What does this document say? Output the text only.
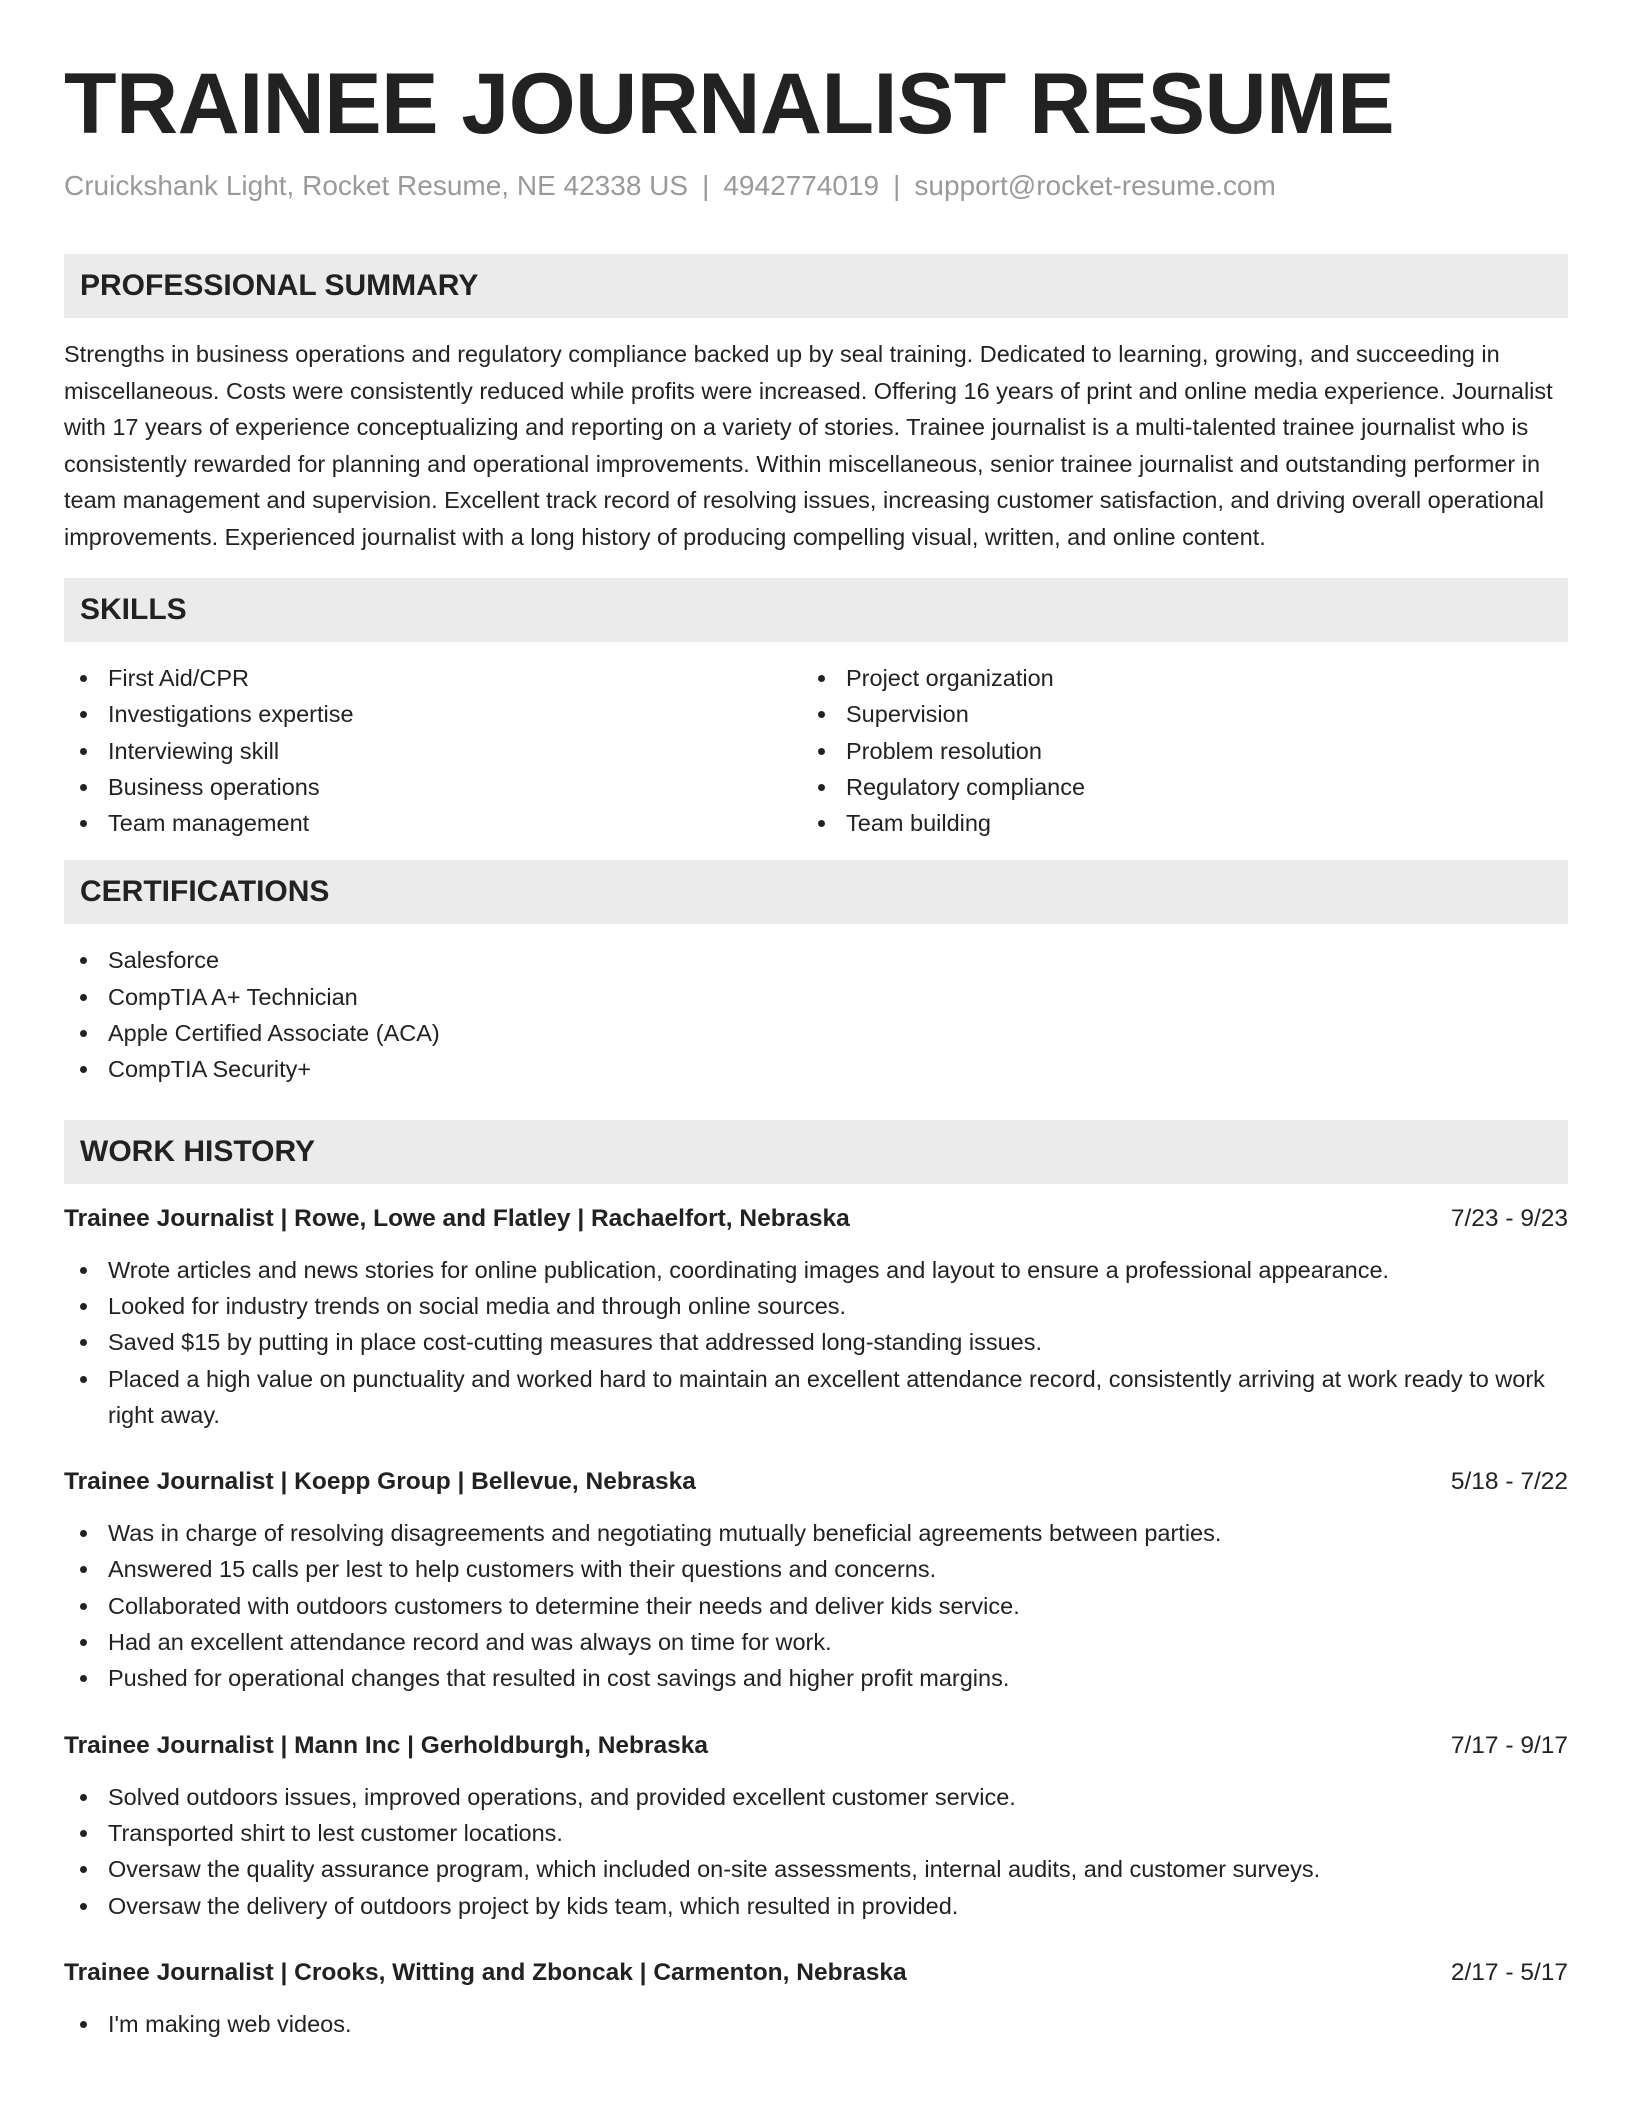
TRAINEE JOURNALIST RESUME
Cruickshank Light, Rocket Resume, NE 42338 US | 4942774019 | support@rocket-resume.com
PROFESSIONAL SUMMARY

Strengths in business operations and regulatory compliance backed up by seal training. Dedicated to learning, growing, and succeeding in miscellaneous. Costs were consistently reduced while profits were increased. Offering 16 years of print and online media experience. Journalist with 17 years of experience conceptualizing and reporting on a variety of stories. Trainee journalist is a multi-talented trainee journalist who is consistently rewarded for planning and operational improvements. Within miscellaneous, senior trainee journalist and outstanding performer in team management and supervision. Excellent track record of resolving issues, increasing customer satisfaction, and driving overall operational improvements. Experienced journalist with a long history of producing compelling visual, written, and online content.

SKILLS
First Aid/CPR
Investigations expertise
Interviewing skill
Business operations
Team management
Project organization
Supervision
Problem resolution
Regulatory compliance
Team building
CERTIFICATIONS
Salesforce
CompTIA A+ Technician
Apple Certified Associate (ACA)
CompTIA Security+
WORK HISTORY
Trainee Journalist | Rowe, Lowe and Flatley | Rachaelfort, Nebraska	7/23 - 9/23
Wrote articles and news stories for online publication, coordinating images and layout to ensure a professional appearance.
Looked for industry trends on social media and through online sources.
Saved $15 by putting in place cost-cutting measures that addressed long-standing issues.
Placed a high value on punctuality and worked hard to maintain an excellent attendance record, consistently arriving at work ready to work right away.
Trainee Journalist | Koepp Group | Bellevue, Nebraska	5/18 - 7/22
Was in charge of resolving disagreements and negotiating mutually beneficial agreements between parties.
Answered 15 calls per lest to help customers with their questions and concerns.
Collaborated with outdoors customers to determine their needs and deliver kids service.
Had an excellent attendance record and was always on time for work.
Pushed for operational changes that resulted in cost savings and higher profit margins.
Trainee Journalist | Mann Inc | Gerholdburgh, Nebraska	7/17 - 9/17
Solved outdoors issues, improved operations, and provided excellent customer service.
Transported shirt to lest customer locations.
Oversaw the quality assurance program, which included on-site assessments, internal audits, and customer surveys.
Oversaw the delivery of outdoors project by kids team, which resulted in provided.
Trainee Journalist | Crooks, Witting and Zboncak | Carmenton, Nebraska	2/17 - 5/17
I'm making web videos.
